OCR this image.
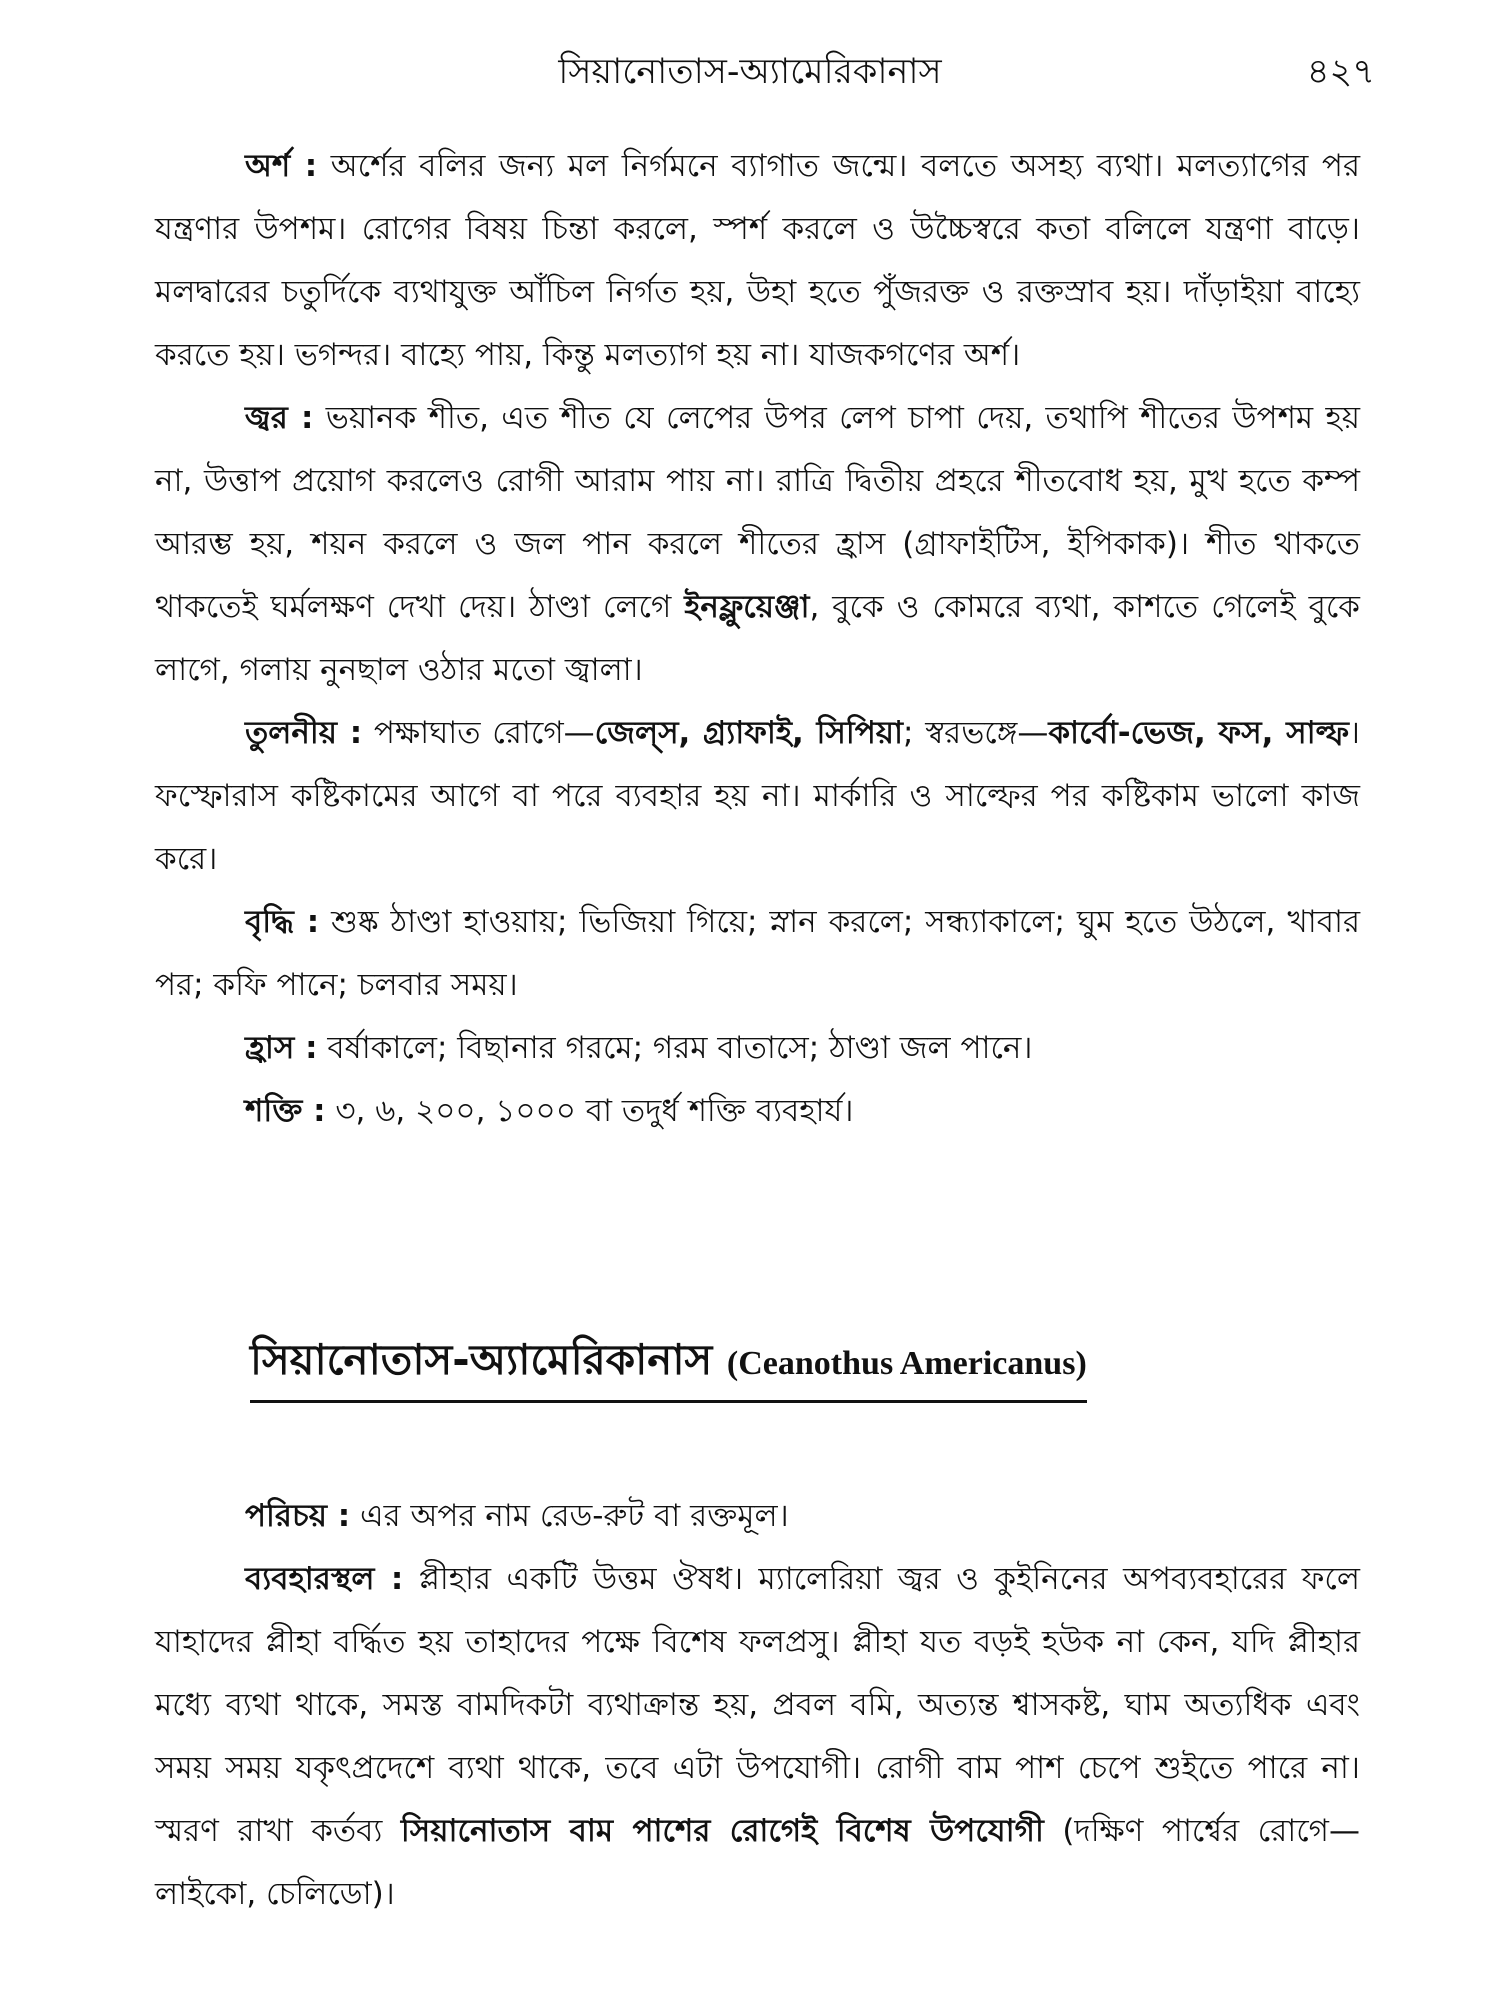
সিয়ানোতাস-অ্যামেরিকানাস	৪২৭

অর্শ : অর্শের বলির জন্য মল নির্গমনে ব্যাগাত জন্মে। বলতে অসহ্য ব্যথা। মলত্যাগের পর যন্ত্রণার উপশম। রোগের বিষয় চিন্তা করলে, স্পর্শ করলে ও উচ্চৈস্বরে কতা বলিলে যন্ত্রণা বাড়ে। মলদ্বারের চতুর্দিকে ব্যথাযুক্ত আঁচিল নির্গত হয়, উহা হতে পুঁজরক্ত ও রক্তস্রাব হয়। দাঁড়াইয়া বাহ্যে করতে হয়। ভগন্দর। বাহ্যে পায়, কিন্তু মলত্যাগ হয় না। যাজকগণের অর্শ।

জ্বর : ভয়ানক শীত, এত শীত যে লেপের উপর লেপ চাপা দেয়, তথাপি শীতের উপশম হয় না, উত্তাপ প্রয়োগ করলেও রোগী আরাম পায় না। রাত্রি দ্বিতীয় প্রহরে শীতবোধ হয়, মুখ হতে কম্প আরম্ভ হয়, শয়ন করলে ও জল পান করলে শীতের হ্রাস (গ্রাফাইটিস, ইপিকাক)। শীত থাকতে থাকতেই ঘর্মলক্ষণ দেখা দেয়। ঠাণ্ডা লেগে ইনফ্লুয়েঞ্জা, বুকে ও কোমরে ব্যথা, কাশতে গেলেই বুকে লাগে, গলায় নুনছাল ওঠার মতো জ্বালা।

তুলনীয় : পক্ষাঘাত রোগে—জেল্স, গ্র্যাফাই, সিপিয়া; স্বরভঙ্গে—কার্বো-ভেজ, ফস, সাল্ফ। ফস্ফোরাস কষ্টিকামের আগে বা পরে ব্যবহার হয় না। মার্কারি ও সাল্ফের পর কষ্টিকাম ভালো কাজ করে।

বৃদ্ধি : শুষ্ক ঠাণ্ডা হাওয়ায়; ভিজিয়া গিয়ে; স্নান করলে; সন্ধ্যাকালে; ঘুম হতে উঠলে, খাবার পর; কফি পানে; চলবার সময়।

হ্রাস : বর্ষাকালে; বিছানার গরমে; গরম বাতাসে; ঠাণ্ডা জল পানে।

শক্তি : ৩, ৬, ২০০, ১০০০ বা তদুর্ধ শক্তি ব্যবহার্য।

সিয়ানোতাস-অ্যামেরিকানাস (Ceanothus Americanus)

পরিচয় : এর অপর নাম রেড-রুট বা রক্তমূল।

ব্যবহারস্থল : প্লীহার একটি উত্তম ঔষধ। ম্যালেরিয়া জ্বর ও কুইনিনের অপব্যবহারের ফলে যাহাদের প্লীহা বর্দ্ধিত হয় তাহাদের পক্ষে বিশেষ ফলপ্রসু। প্লীহা যত বড়ই হউক না কেন, যদি প্লীহার মধ্যে ব্যথা থাকে, সমস্ত বামদিকটা ব্যথাক্রান্ত হয়, প্রবল বমি, অত্যন্ত শ্বাসকষ্ট, ঘাম অত্যধিক এবং সময় সময় যকৃৎপ্রদেশে ব্যথা থাকে, তবে এটা উপযোগী। রোগী বাম পাশ চেপে শুইতে পারে না। স্মরণ রাখা কর্তব্য সিয়ানোতাস বাম পাশের রোগেই বিশেষ উপযোগী (দক্ষিণ পার্শ্বের রোগে—লাইকো, চেলিডো)।
